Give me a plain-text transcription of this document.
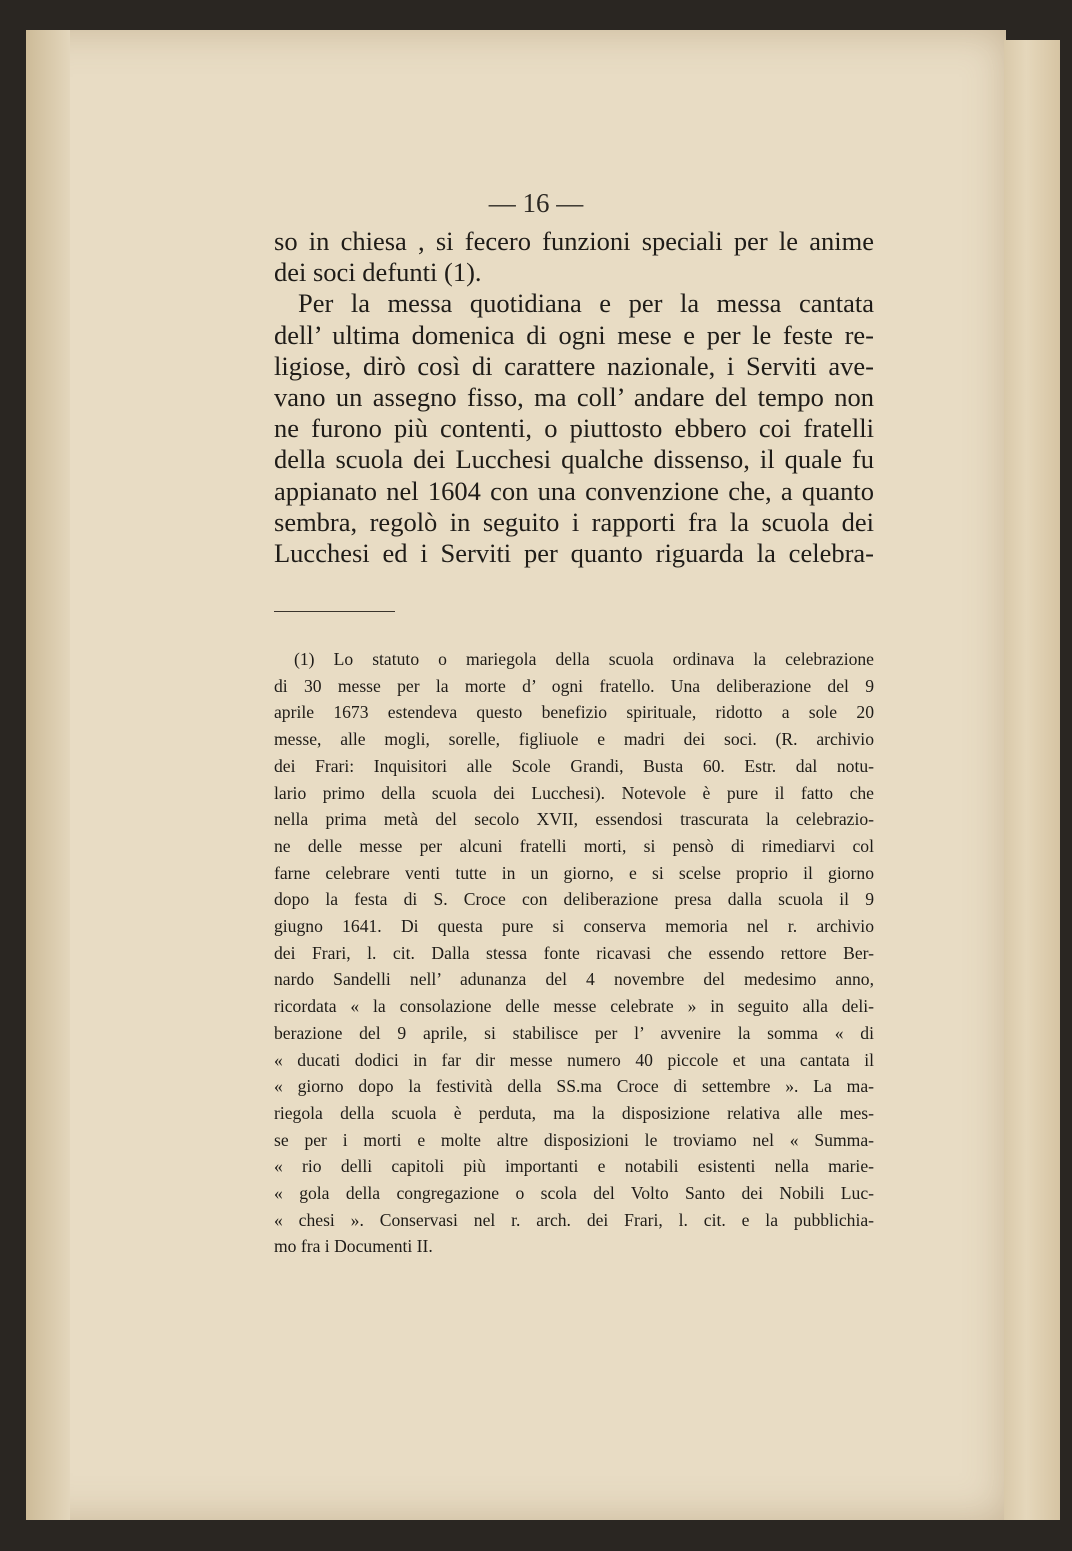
— 16 —
so in chiesa , si fecero funzioni speciali per le anime
dei soci defunti (1).
Per la messa quotidiana e per la messa cantata
dell’ ultima domenica di ogni mese e per le feste re-
ligiose, dirò così di carattere nazionale, i Serviti ave-
vano un assegno fisso, ma coll’ andare del tempo non
ne furono più contenti, o piuttosto ebbero coi fratelli
della scuola dei Lucchesi qualche dissenso, il quale fu
appianato nel 1604 con una convenzione che, a quanto
sembra, regolò in seguito i rapporti fra la scuola dei
Lucchesi ed i Serviti per quanto riguarda la celebra-
(1) Lo statuto o mariegola della scuola ordinava la celebrazione
di 30 messe per la morte d’ ogni fratello. Una deliberazione del 9
aprile 1673 estendeva questo benefizio spirituale, ridotto a sole 20
messe, alle mogli, sorelle, figliuole e madri dei soci. (R. archivio
dei Frari: Inquisitori alle Scole Grandi, Busta 60. Estr. dal notu-
lario primo della scuola dei Lucchesi). Notevole è pure il fatto che
nella prima metà del secolo XVII, essendosi trascurata la celebrazio-
ne delle messe per alcuni fratelli morti, si pensò di rimediarvi col
farne celebrare venti tutte in un giorno, e si scelse proprio il giorno
dopo la festa di S. Croce con deliberazione presa dalla scuola il 9
giugno 1641. Di questa pure si conserva memoria nel r. archivio
dei Frari, l. cit. Dalla stessa fonte ricavasi che essendo rettore Ber-
nardo Sandelli nell’ adunanza del 4 novembre del medesimo anno,
ricordata « la consolazione delle messe celebrate » in seguito alla deli-
berazione del 9 aprile, si stabilisce per l’ avvenire la somma « di
« ducati dodici in far dir messe numero 40 piccole et una cantata il
« giorno dopo la festività della SS.ma Croce di settembre ». La ma-
riegola della scuola è perduta, ma la disposizione relativa alle mes-
se per i morti e molte altre disposizioni le troviamo nel « Summa-
« rio delli capitoli più importanti e notabili esistenti nella marie-
« gola della congregazione o scola del Volto Santo dei Nobili Luc-
« chesi ». Conservasi nel r. arch. dei Frari, l. cit. e la pubblichia-
mo fra i Documenti II.
